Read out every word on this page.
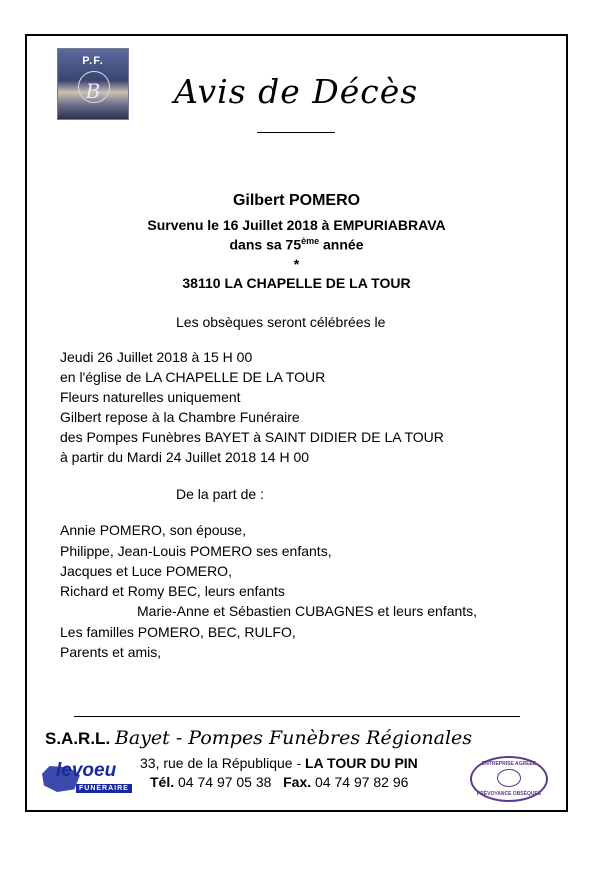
P.F.
B	Avis de Décès
Gilbert POMERO
Survenu le 16 Juillet 2018 à EMPURIABRAVA
dans sa 75ème année
*
38110 LA CHAPELLE DE LA TOUR
Les obsèques seront célébrées le
Jeudi 26 Juillet 2018 à 15 H 00
en l'église de LA CHAPELLE DE LA TOUR
Fleurs naturelles uniquement
Gilbert repose à la Chambre Funéraire
des Pompes Funèbres BAYET à SAINT DIDIER DE LA TOUR
à partir du Mardi 24 Juillet 2018 14 H 00
De la part de :
Annie POMERO, son épouse,
Philippe, Jean-Louis POMERO ses enfants,
Jacques et Luce POMERO,
Richard et Romy BEC, leurs enfants
Marie-Anne et Sébastien CUBAGNES et leurs enfants,
Les familles POMERO, BEC, RULFO,
Parents et amis,
S.A.R.L. Bayet - Pompes Funèbres Régionales
33, rue de la République - LA TOUR DU PIN
Tél. 04 74 97 05 38 Fax. 04 74 97 82 96
levoeu
FUNÉRAIRE
ENTREPRISE AGRÉÉE
PRÉVOYANCE OBSÈQUES
